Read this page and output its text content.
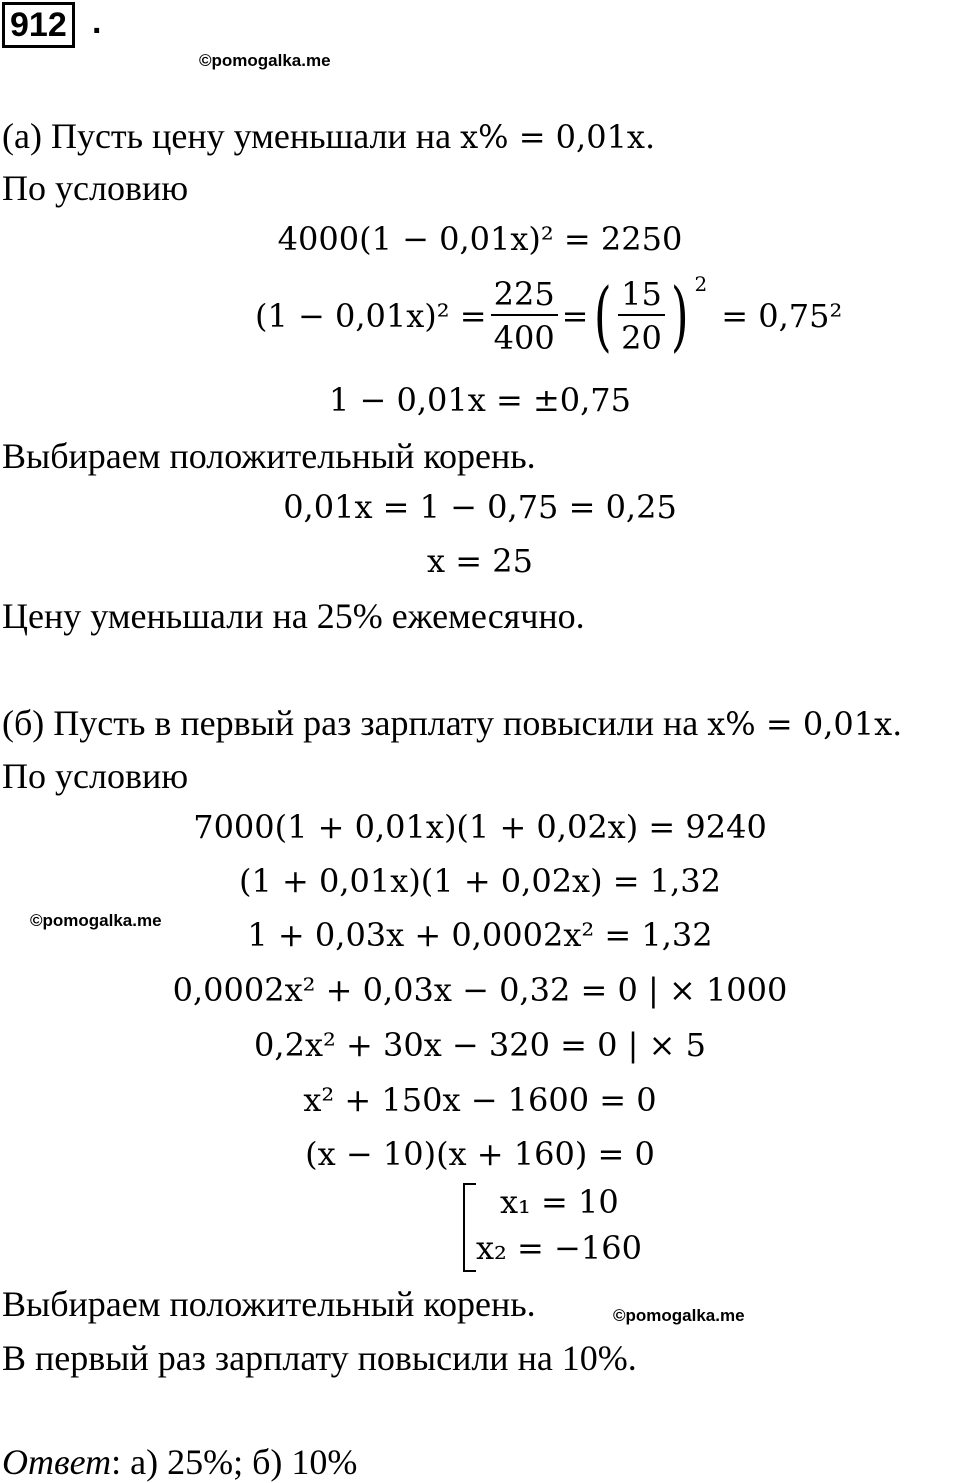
912 .
©pomogalka.me
(а) Пусть цену уменьшали на x% = 0,01x.
По условию
4000(1 − 0,01x)² = 2250
$(1 - 0,01x)^2 = \frac{225}{400}$ = ( $\frac{15}{20}$ ) 2
= 0,75²
1 − 0,01x = ±0,75
Выбираем положительный корень.
0,01x = 1 − 0,75 = 0,25
x = 25
Цену уменьшали на 25% ежемесячно.
(б) Пусть в первый раз зарплату повысили на x% = 0,01x.
По условию
7000(1 + 0,01x)(1 + 0,02x) = 9240
(1 + 0,01x)(1 + 0,02x) = 1,32
©pomogalka.me	1 + 0,03x + 0,0002x² = 1,32
0,0002x² + 0,03x − 0,32 = 0 | × 1000
0,2x² + 30x − 320 = 0 | × 5
x² + 150x − 1600 = 0
(x − 10)(x + 160) = 0
x₁ = 10
x₂ = −160
Выбираем положительный корень.	©pomogalka.me
В первый раз зарплату повысили на 10%.
Ответ: а) 25%; б) 10%
